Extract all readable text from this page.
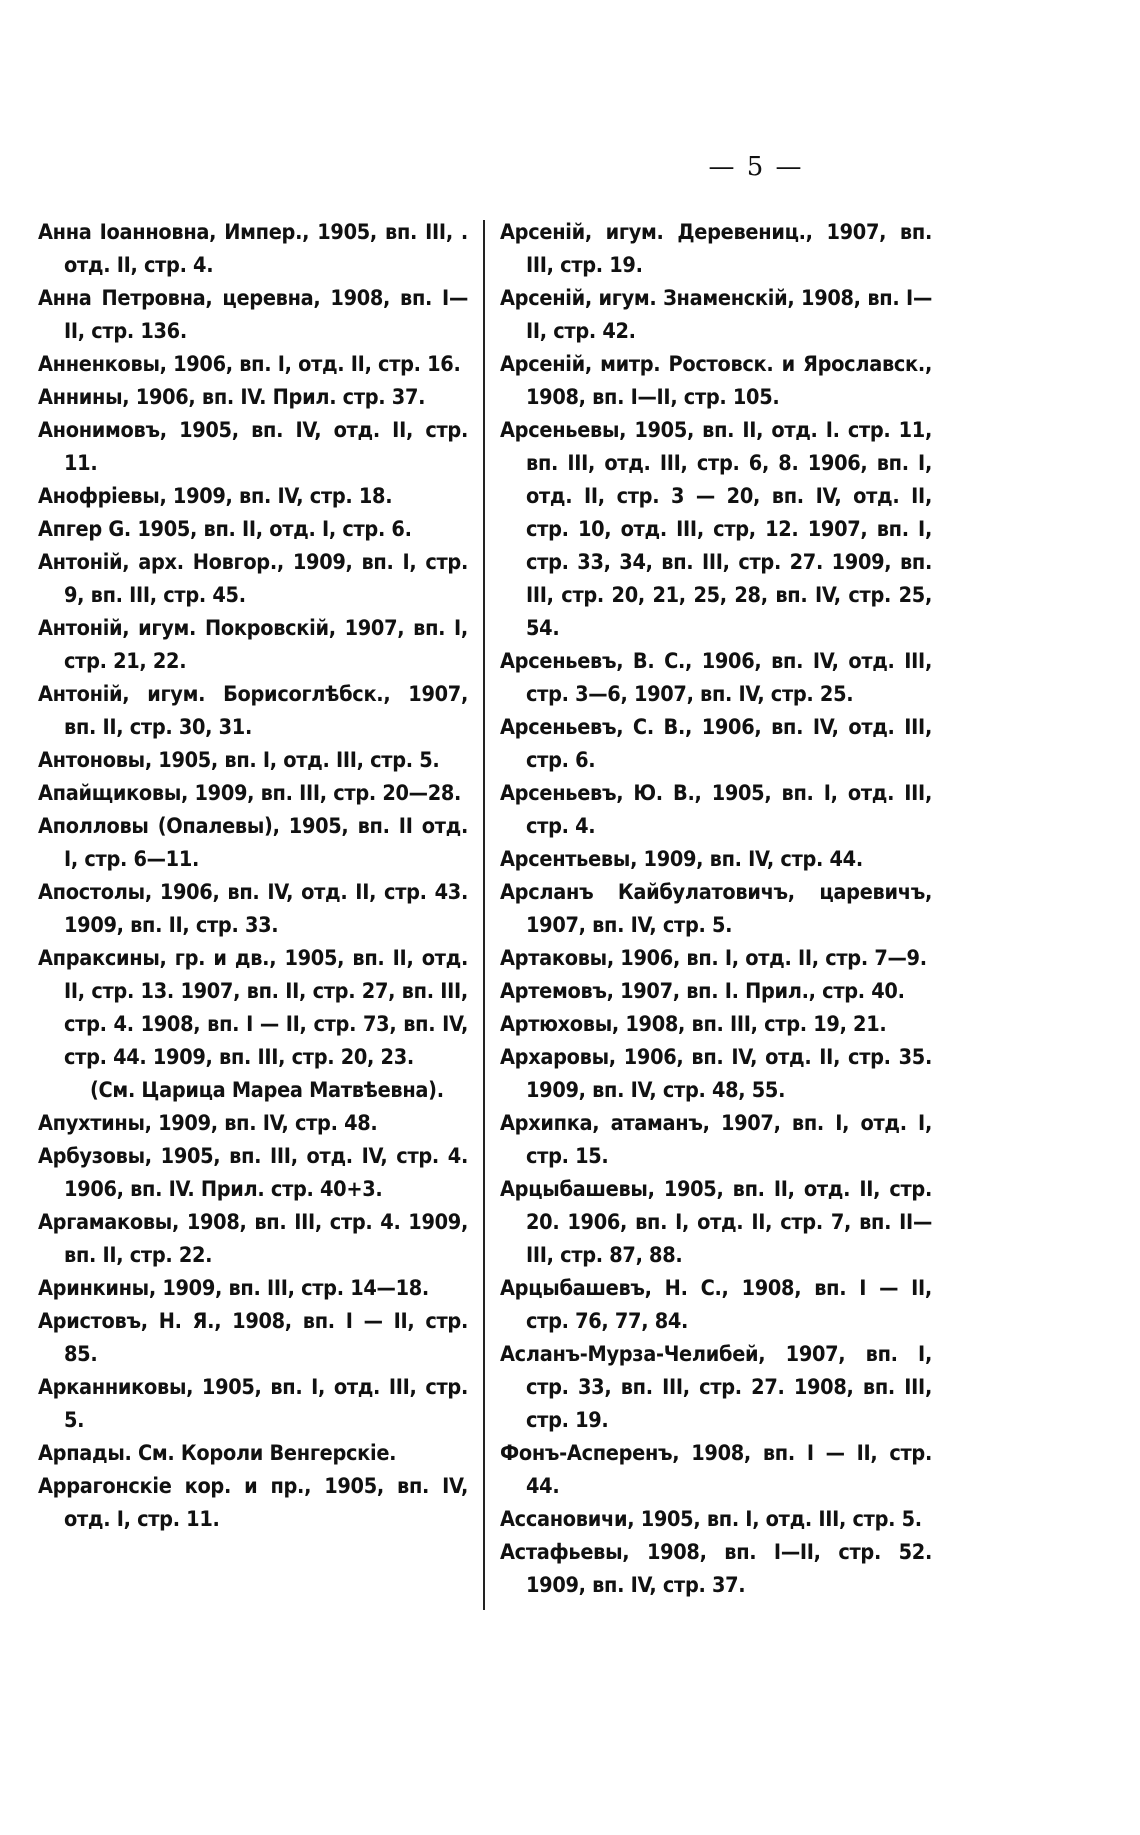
— 5 —
Анна Іоанновна, Импер., 1905, вп. III, . отд. II, стр. 4.
Анна Петровна, церевна, 1908, вп. I—II, стр. 136.
Анненковы, 1906, вп. I, отд. II, стр. 16.
Аннины, 1906, вп. IV. Прил. стр. 37.
Анонимовъ, 1905, вп. IV, отд. II, стр. 11.
Анофріевы, 1909, вп. IV, стр. 18.
Апгер G. 1905, вп. II, отд. I, стр. 6.
Антоній, арх. Новгор., 1909, вп. I, стр. 9, вп. III, стр. 45.
Антоній, игум. Покровскій, 1907, вп. I, стр. 21, 22.
Антоній, игум. Борисоглѣбск., 1907, вп. II, стр. 30, 31.
Антоновы, 1905, вп. I, отд. III, стр. 5.
Апайщиковы, 1909, вп. III, стр. 20—28.
Аполловы (Опалевы), 1905, вп. II отд. I, стр. 6—11.
Апостолы, 1906, вп. IV, отд. II, стр. 43. 1909, вп. II, стр. 33.
Апраксины, гр. и дв., 1905, вп. II, отд. II, стр. 13. 1907, вп. II, стр. 27, вп. III, стр. 4. 1908, вп. I — II, стр. 73, вп. IV, стр. 44. 1909, вп. III, стр. 20, 23.
(См. Царица Мареа Матвѣевна).
Апухтины, 1909, вп. IV, стр. 48.
Арбузовы, 1905, вп. III, отд. IV, стр. 4. 1906, вп. IV. Прил. стр. 40+3.
Аргамаковы, 1908, вп. III, стр. 4. 1909, вп. II, стр. 22.
Аринкины, 1909, вп. III, стр. 14—18.
Аристовъ, Н. Я., 1908, вп. I — II, стр. 85.
Арканниковы, 1905, вп. I, отд. III, стр. 5.
Арпады. См. Короли Венгерскіе.
Аррагонскіе кор. и пр., 1905, вп. IV, отд. I, стр. 11.
Арсеній, игум. Деревениц., 1907, вп. III, стр. 19.
Арсеній, игум. Знаменскій, 1908, вп. I—II, стр. 42.
Арсеній, митр. Ростовск. и Ярославск., 1908, вп. I—II, стр. 105.
Арсеньевы, 1905, вп. II, отд. I. стр. 11, вп. III, отд. III, стр. 6, 8. 1906, вп. I, отд. II, стр. 3 — 20, вп. IV, отд. II, стр. 10, отд. III, стр, 12. 1907, вп. I, стр. 33, 34, вп. III, стр. 27. 1909, вп. III, стр. 20, 21, 25, 28, вп. IV, стр. 25, 54.
Арсеньевъ, В. С., 1906, вп. IV, отд. III, стр. 3—6, 1907, вп. IV, стр. 25.
Арсеньевъ, С. В., 1906, вп. IV, отд. III, стр. 6.
Арсеньевъ, Ю. В., 1905, вп. I, отд. III, стр. 4.
Арсентьевы, 1909, вп. IV, стр. 44.
Арсланъ Кайбулатовичъ, царевичъ, 1907, вп. IV, стр. 5.
Артаковы, 1906, вп. I, отд. II, стр. 7—9.
Артемовъ, 1907, вп. I. Прил., стр. 40.
Артюховы, 1908, вп. III, стр. 19, 21.
Архаровы, 1906, вп. IV, отд. II, стр. 35. 1909, вп. IV, стр. 48, 55.
Архипка, атаманъ, 1907, вп. I, отд. I, стр. 15.
Арцыбашевы, 1905, вп. II, отд. II, стр. 20. 1906, вп. I, отд. II, стр. 7, вп. II—III, стр. 87, 88.
Арцыбашевъ, Н. С., 1908, вп. I — II, стр. 76, 77, 84.
Асланъ-Мурза-Челибей, 1907, вп. I, стр. 33, вп. III, стр. 27. 1908, вп. III, стр. 19.
Фонъ-Асперенъ, 1908, вп. I — II, стр. 44.
Ассановичи, 1905, вп. I, отд. III, стр. 5.
Астафьевы, 1908, вп. I—II, стр. 52. 1909, вп. IV, стр. 37.
